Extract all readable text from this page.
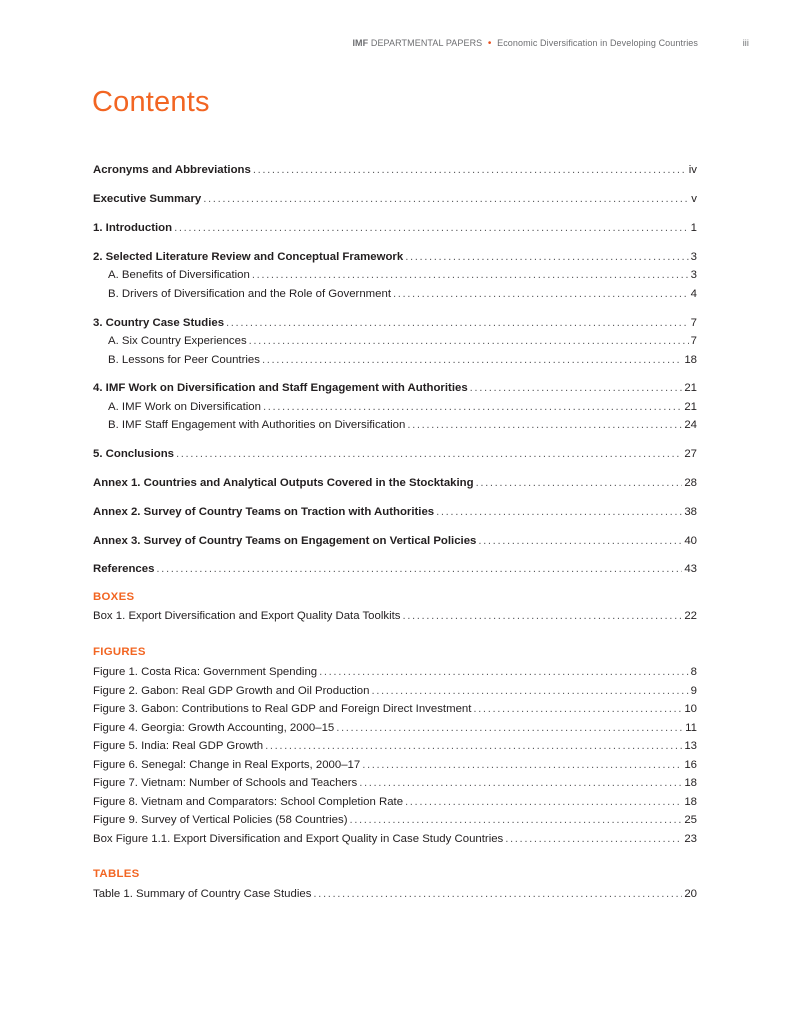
IMF DEPARTMENTAL PAPERS • Economic Diversification in Developing Countries	iii
Contents
Acronyms and Abbreviations .....	iv
Executive Summary .....	v
1. Introduction .....	1
2. Selected Literature Review and Conceptual Framework .....	3
A. Benefits of Diversification .....	3
B. Drivers of Diversification and the Role of Government .....	4
3. Country Case Studies .....	7
A. Six Country Experiences .....	7
B. Lessons for Peer Countries .....	18
4. IMF Work on Diversification and Staff Engagement with Authorities .....	21
A. IMF Work on Diversification .....	21
B. IMF Staff Engagement with Authorities on Diversification .....	24
5. Conclusions .....	27
Annex 1. Countries and Analytical Outputs Covered in the Stocktaking .....	28
Annex 2. Survey of Country Teams on Traction with Authorities .....	38
Annex 3. Survey of Country Teams on Engagement on Vertical Policies .....	40
References .....	43
BOXES
Box 1. Export Diversification and Export Quality Data Toolkits .....	22
FIGURES
Figure 1. Costa Rica: Government Spending .....	8
Figure 2. Gabon: Real GDP Growth and Oil Production .....	9
Figure 3. Gabon: Contributions to Real GDP and Foreign Direct Investment .....	10
Figure 4. Georgia: Growth Accounting, 2000–15 .....	11
Figure 5. India: Real GDP Growth .....	13
Figure 6. Senegal: Change in Real Exports, 2000–17 .....	16
Figure 7. Vietnam: Number of Schools and Teachers .....	18
Figure 8. Vietnam and Comparators: School Completion Rate .....	18
Figure 9. Survey of Vertical Policies (58 Countries) .....	25
Box Figure 1.1. Export Diversification and Export Quality in Case Study Countries .....	23
TABLES
Table 1. Summary of Country Case Studies .....	20
